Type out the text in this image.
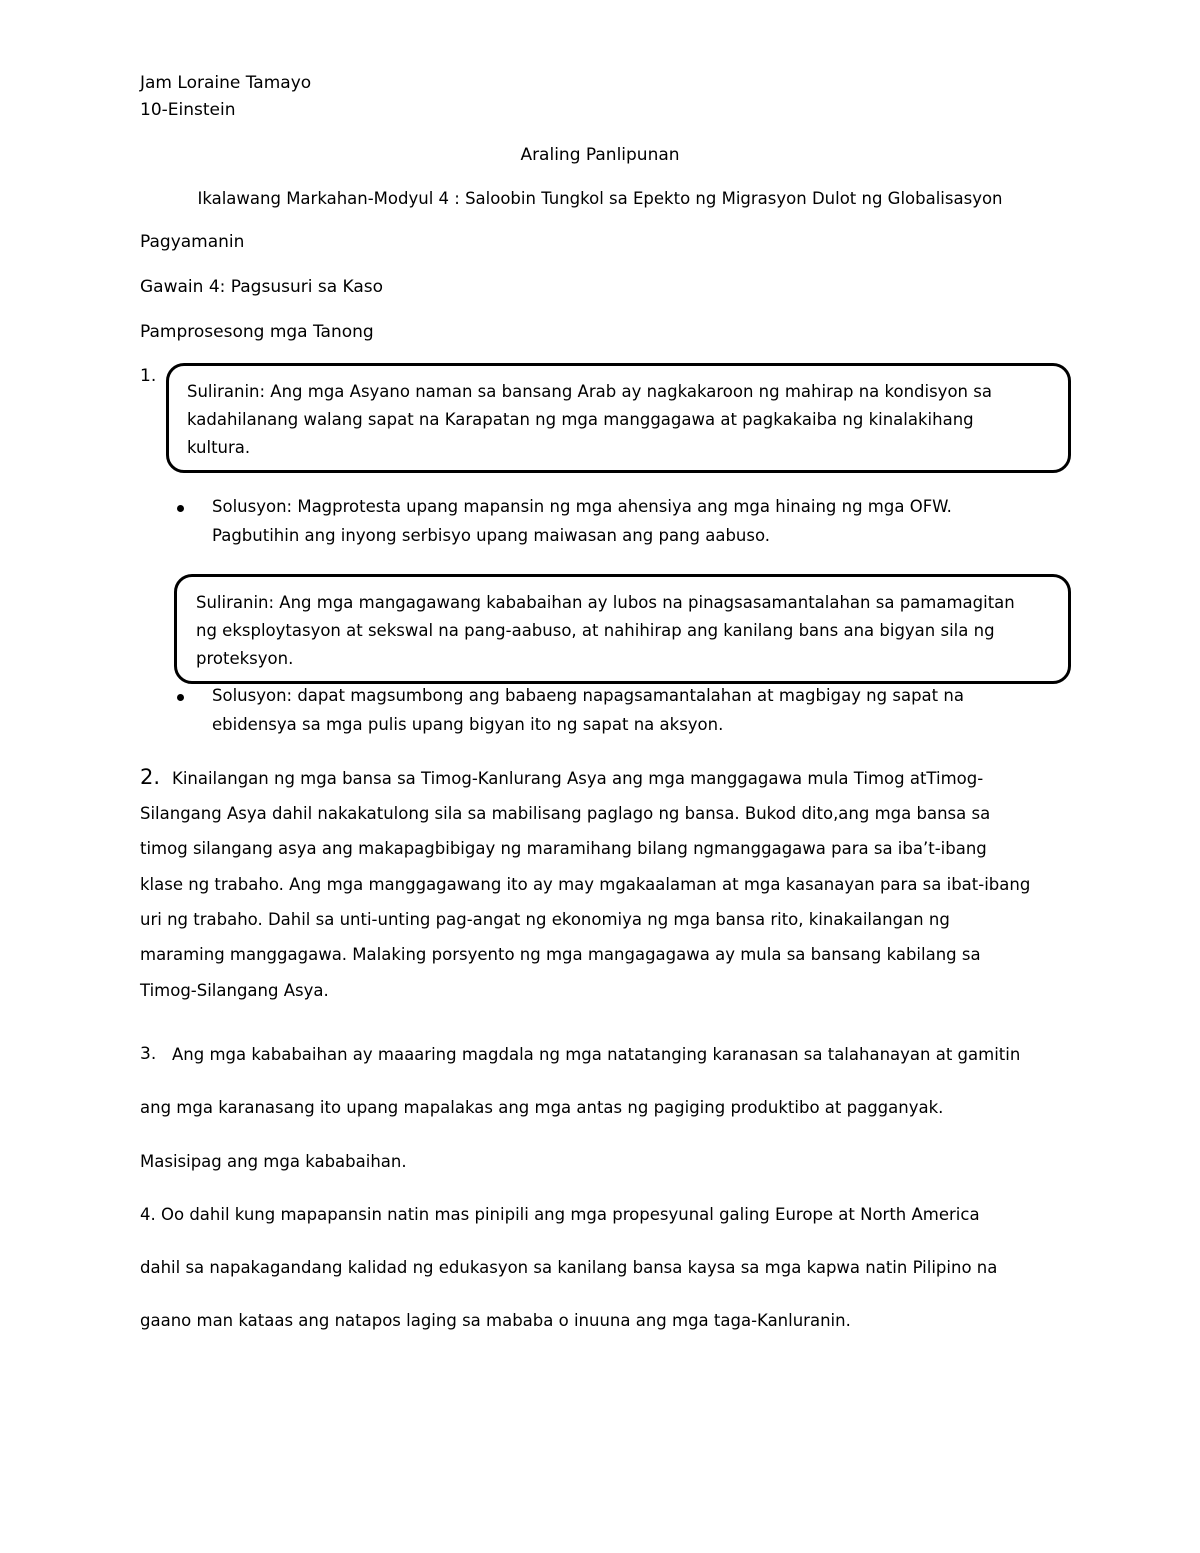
Jam Loraine Tamayo
10-Einstein
Araling Panlipunan
Ikalawang Markahan-Modyul 4 : Saloobin Tungkol sa Epekto ng Migrasyon Dulot ng Globalisasyon
Pagyamanin
Gawain 4: Pagsusuri sa Kaso
Pamprosesong mga Tanong
1.
Suliranin: Ang mga Asyano naman sa bansang Arab ay nagkakaroon ng mahirap na kondisyon sa
kadahilanang walang sapat na Karapatan ng mga manggagawa at pagkakaiba ng kinalakihang
kultura.
Solusyon: Magprotesta upang mapansin ng mga ahensiya ang mga hinaing ng mga OFW.
Pagbutihin ang inyong serbisyo upang maiwasan ang pang aabuso.
Suliranin: Ang mga mangagawang kababaihan ay lubos na pinagsasamantalahan sa pamamagitan
ng eksploytasyon at sekswal na pang-aabuso, at nahihirap ang kanilang bans ana bigyan sila ng
proteksyon.
Solusyon: dapat magsumbong ang babaeng napagsamantalahan at magbigay ng sapat na
ebidensya sa mga pulis upang bigyan ito ng sapat na aksyon.
2. Kinailangan ng mga bansa sa Timog-Kanlurang Asya ang mga manggagawa mula Timog atTimog-
Silangang Asya dahil nakakatulong sila sa mabilisang paglago ng bansa. Bukod dito,ang mga bansa sa
timog silangang asya ang makapagbibigay ng maramihang bilang ngmanggagawa para sa iba’t-ibang
klase ng trabaho. Ang mga manggagawang ito ay may mgakaalaman at mga kasanayan para sa ibat-ibang
uri ng trabaho. Dahil sa unti-unting pag-angat ng ekonomiya ng mga bansa rito, kinakailangan ng
maraming manggagawa. Malaking porsyento ng mga mangagagawa ay mula sa bansang kabilang sa
Timog-Silangang Asya.
3. Ang mga kababaihan ay maaaring magdala ng mga natatanging karanasan sa talahanayan at gamitin
ang mga karanasang ito upang mapalakas ang mga antas ng pagiging produktibo at pagganyak.
Masisipag ang mga kababaihan.
4. Oo dahil kung mapapansin natin mas pinipili ang mga propesyunal galing Europe at North America
dahil sa napakagandang kalidad ng edukasyon sa kanilang bansa kaysa sa mga kapwa natin Pilipino na
gaano man kataas ang natapos laging sa mababa o inuuna ang mga taga-Kanluranin.
